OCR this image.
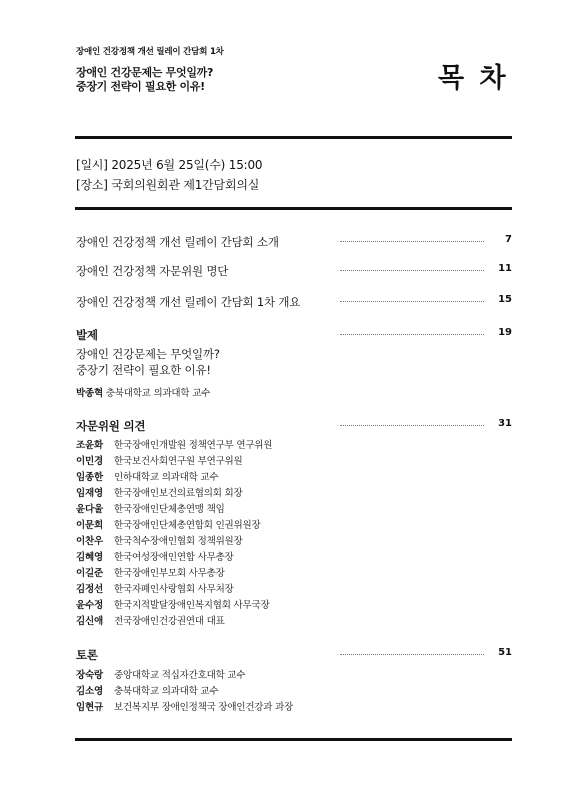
장애인 건강정책 개선 릴레이 간담회 1차
장애인 건강문제는 무엇일까?
중장기 전략이 필요한 이유!	목 차
[일시] 2025년 6월 25일(수) 15:00
[장소] 국회의원회관 제1간담회의실
장애인 건강정책 개선 릴레이 간담회 소개	7
장애인 건강정책 자문위원 명단	11
장애인 건강정책 개선 릴레이 간담회 1차 개요	15
발제	19
장애인 건강문제는 무엇일까?
중장기 전략이 필요한 이유!
박종혁 충북대학교 의과대학 교수
자문위원 의견	31
조윤화 한국장애인개발원 정책연구부 연구위원
이민경 한국보건사회연구원 부연구위원
임종한 인하대학교 의과대학 교수
임재영 한국장애인보건의료협의회 회장
윤다울 한국장애인단체총연맹 책임
이문희 한국장애인단체총연합회 인권위원장
이찬우 한국척수장애인협회 정책위원장
김혜영 한국여성장애인연합 사무총장
이길준 한국장애인부모회 사무총장
김정선 한국자폐인사랑협회 사무처장
윤수정 한국지적발달장애인복지협회 사무국장
김신애 전국장애인건강권연대 대표
토론	51
장숙랑 중앙대학교 적십자간호대학 교수
김소영 충북대학교 의과대학 교수
임현규 보건복지부 장애인정책국 장애인건강과 과장
